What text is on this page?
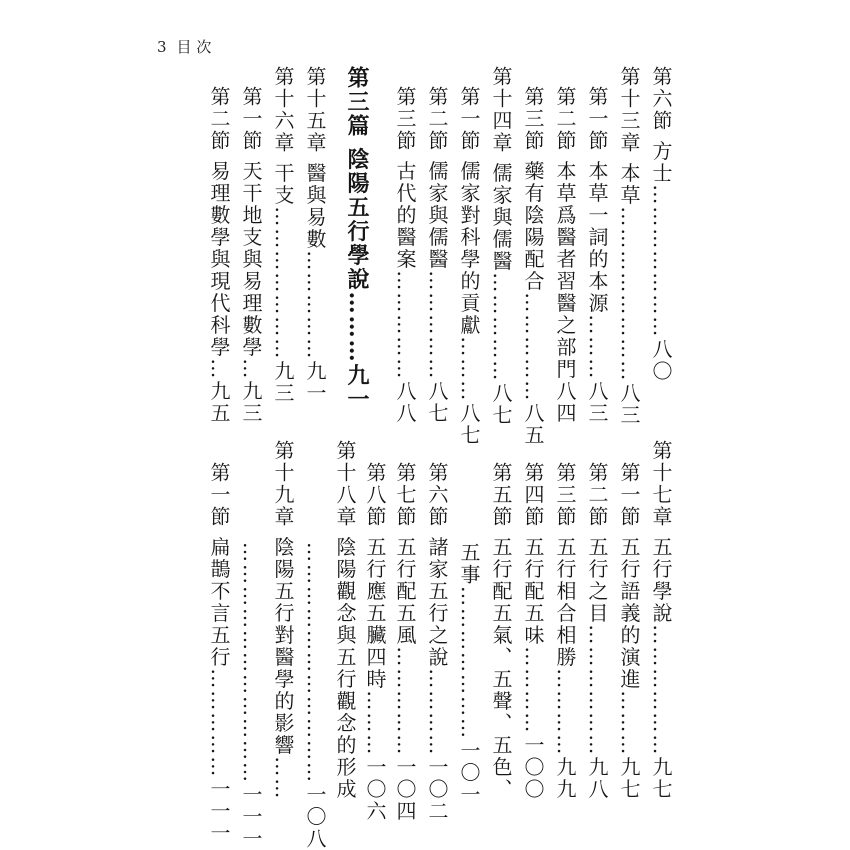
3 目 次
第六節 方士…………………八〇
第十三章 本草……………………八三
第一節 本草一詞的本源………八三
第二節 本草爲醫者習醫之部門八四
第三節 藥有陰陽配合……………八五
第十四章 儒家與儒醫……………八七
第一節 儒家對科學的貢獻………八七
第二節 儒家與儒醫……………八七
第三節 古代的醫案……………八八
第三篇 陰陽五行學說………九一
第十五章 醫與易數……………九一
第十六章 干支…………………九三
第一節 天干地支與易理數學…九三
第二節 易理數學與現代科學…九五
第十七章 五行學說………………九七
第一節 五行語義的演進………九七
第二節 五行之目………………九八
第三節 五行相合相勝…………九九
第四節 五行配五味…………一〇〇
第五節 五行配五氣、五聲、五色、
五事…………………一〇一
第六節 諸家五行之說…………一〇二
第七節 五行配五風……………一〇四
第八節 五行應五臟四時………一〇六
第十八章 陰陽觀念與五行觀念的形成
……………………………一〇八
第十九章 陰陽五行對醫學的影響……
……………………………一一一
第一節 扁鵲不言五行……………一一一
